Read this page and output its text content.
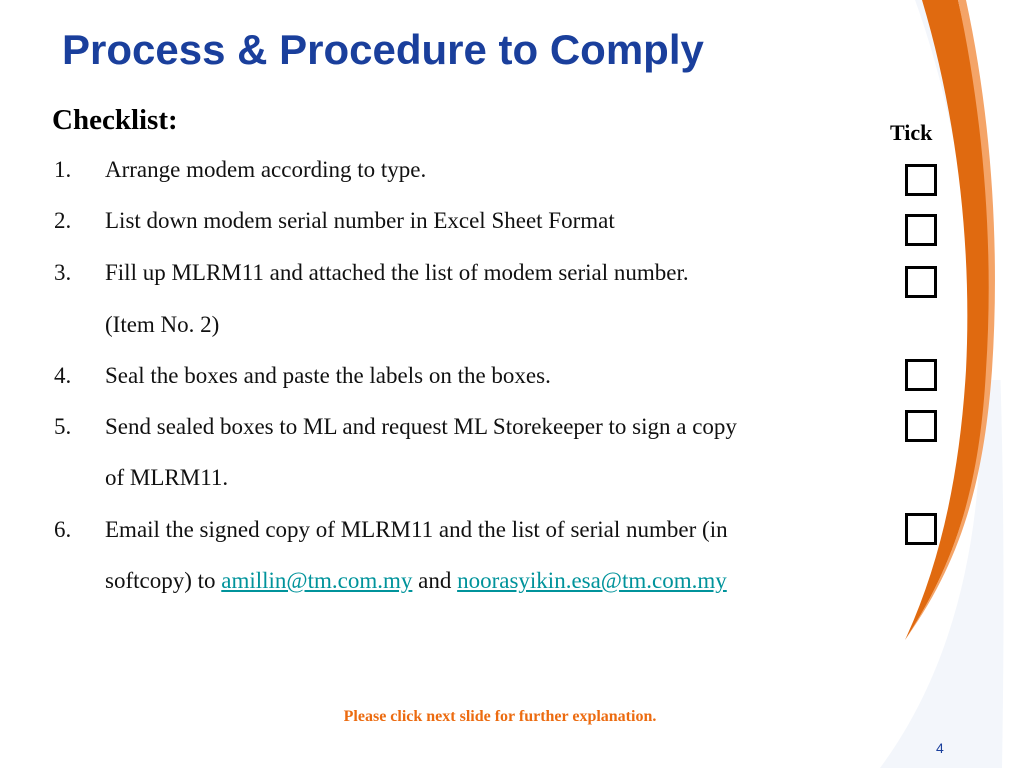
Process & Procedure to Comply
Checklist:	Tick
1. Arrange modem according to type.
2. List down modem serial number in Excel Sheet Format
3. Fill up MLRM11 and attached the list of modem serial number.
(Item No. 2)
4. Seal the boxes and paste the labels on the boxes.
5. Send sealed boxes to ML and request ML Storekeeper to sign a copy
of MLRM11.
6. Email the signed copy of MLRM11 and the list of serial number (in
softcopy) to amillin@tm.com.my and noorasyikin.esa@tm.com.my
Please click next slide for further explanation.
4
